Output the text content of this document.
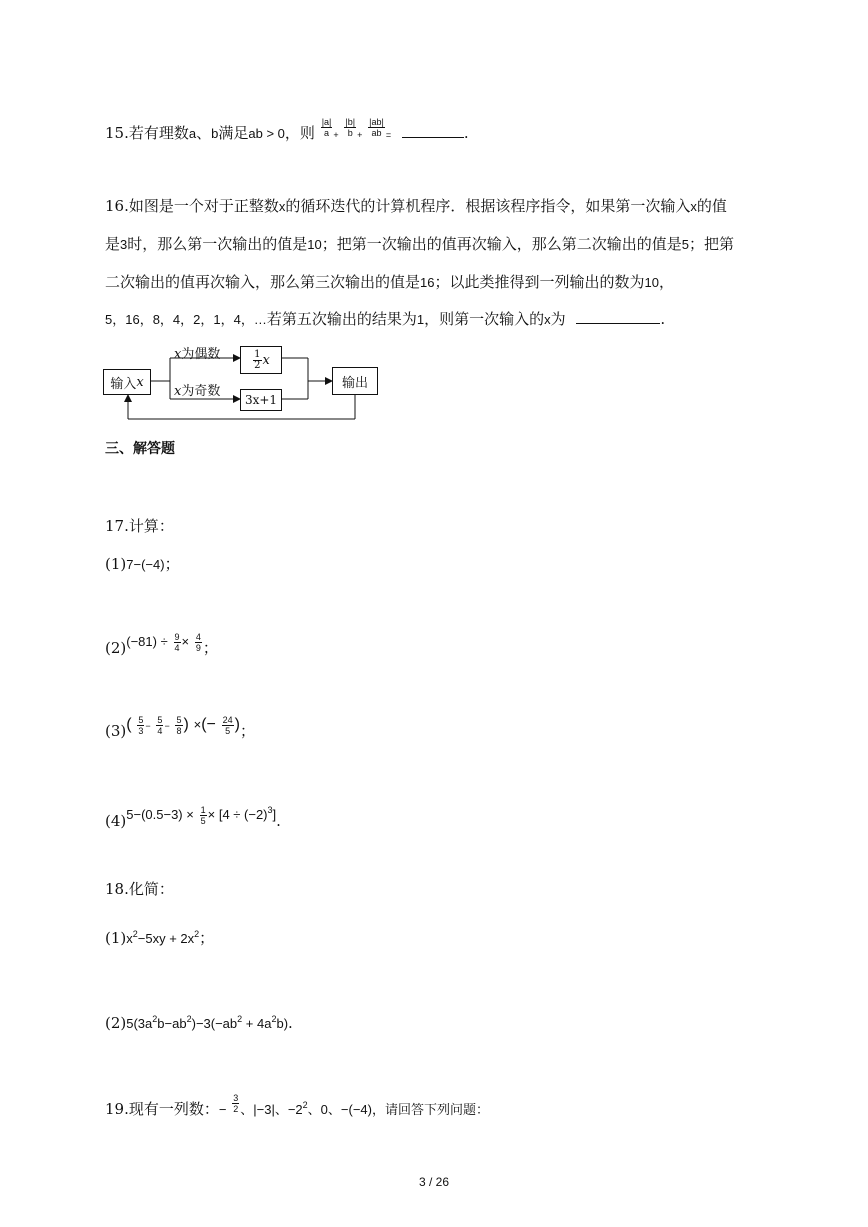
15.若有理数a、b满足ab > 0，则 $\frac{|a|}{a} + \frac{|b|}{b} + \frac{|ab|}{ab}$ =	.
16.如图是一个对于正整数x的循环迭代的计算机程序．根据该程序指令，如果第一次输入x的值
是3时，那么第一次输出的值是10；把第一次输出的值再次输入，那么第二次输出的值是5；把第
二次输出的值再次输入，那么第三次输出的值是16；以此类推得到一列输出的数为10，
5，16，8，4，2，1，4，…若第五次输出的结果为1，则第一次输入的x为	.
输入 x
x为偶数
x为奇数
$\frac{1}{2}$ x
3x+1
输出
三、解答题
17.计算：
(1)7−(−4)；
$(2)(-81) \div \frac{9}{4} \times \frac{4}{9}$ ；
$(3)( \frac{5}{3} ^- \frac{5}{4} ^- \frac{5}{8}$ ) ×(− $\frac{24}{5}$ )；
$(4)5-(0.5-3) \times \frac{1}{5} \times [4 \div (-2)^3]$.
18.化简：
$(1)x^2-5xy + 2x^2$；
$(2)5(3a^2b-ab^2)-3(-ab^2 + 4a^2b)$.
19.现有一列数：− $\frac{3}{2}$ 、|−3|、$-2^2$、0、−(−4)，请回答下列问题：
3 / 26
